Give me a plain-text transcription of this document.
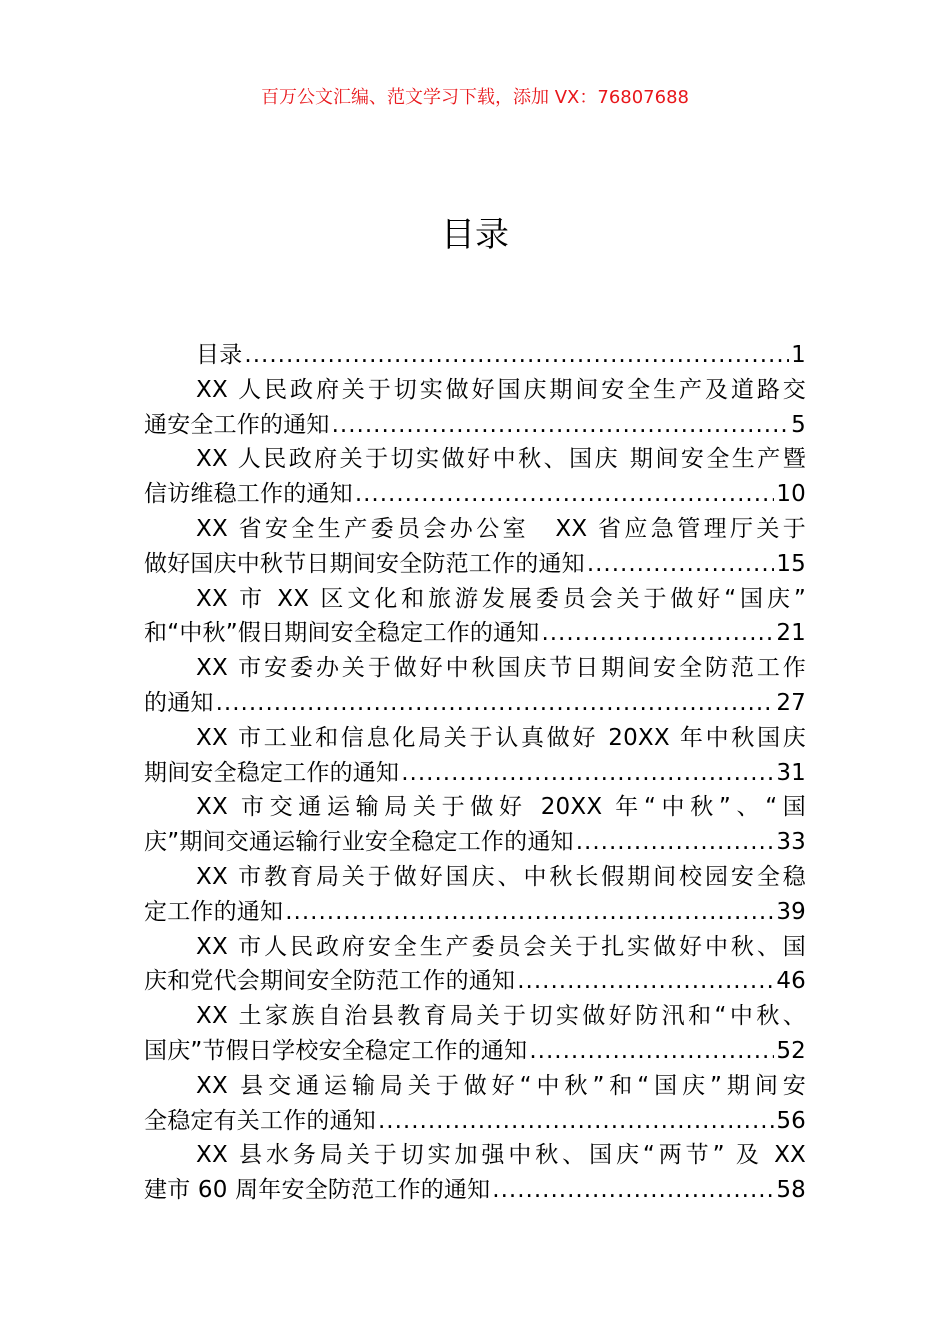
百万公文汇编、范文学习下载，添加 VX：76807688
目录
目录 .....	1
XX 人民政府关于切实做好国庆期间安全生产及道路交
通安全工作的通知 .....	5
XX 人民政府关于切实做好中秋、国庆 期间安全生产暨
信访维稳工作的通知 .....	10
XX 省安全生产委员会办公室　XX 省应急管理厅关于
做好国庆中秋节日期间安全防范工作的通知 .....	15
XX 市 XX 区文化和旅游发展委员会关于做好“国庆”
和“中秋”假日期间安全稳定工作的通知 .....	21
XX 市安委办关于做好中秋国庆节日期间安全防范工作
的通知 .....	27
XX 市工业和信息化局关于认真做好 20XX 年中秋国庆
期间安全稳定工作的通知 .....	31
XX 市交通运输局关于做好 20XX 年“中秋”、“国
庆”期间交通运输行业安全稳定工作的通知 .....	33
XX 市教育局关于做好国庆、中秋长假期间校园安全稳
定工作的通知 .....	39
XX 市人民政府安全生产委员会关于扎实做好中秋、国
庆和党代会期间安全防范工作的通知 .....	46
XX 土家族自治县教育局关于切实做好防汛和“中秋、
国庆”节假日学校安全稳定工作的通知 .....	52
XX 县交通运输局关于做好“中秋”和“国庆”期间安
全稳定有关工作的通知 .....	56
XX 县水务局关于切实加强中秋、国庆“两节” 及 XX
建市 60 周年安全防范工作的通知 .....	58
